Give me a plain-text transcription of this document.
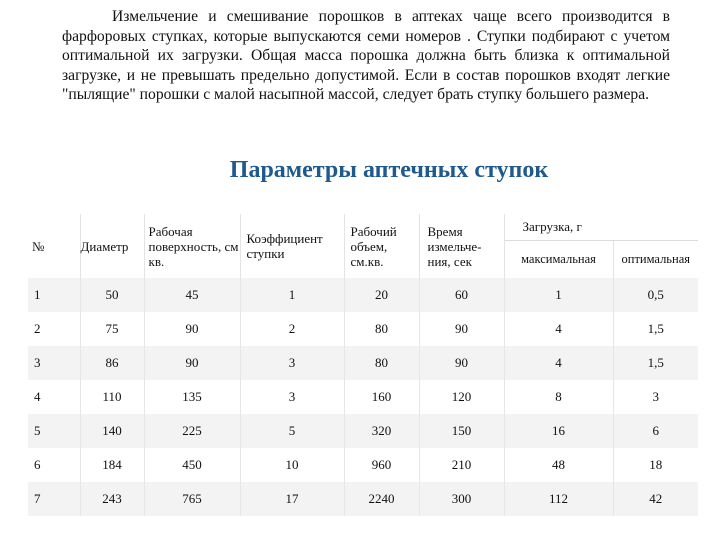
Измельчение и смешивание порошков в аптеках чаще всего производится в фарфоровых ступках, которые выпускаются семи номеров . Ступки подбирают с учетом оптимальной их загрузки. Общая масса порошка должна быть близка к оптимальной загрузке, и не превышать предельно допустимой. Если в состав порошков входят легкие "пылящие" порошки с малой насыпной массой, следует брать ступку большего размера.

Параметры аптечных ступок
№	Диаметр	Рабочая поверхность, см кв.	Коэффициент ступки	Рабочий объем, см.кв.	Время измельче-ния, сек	Загрузка, г	
						максимальная	оптимальная
1	50	45	1	20	60	1	0,5
2	75	90	2	80	90	4	1,5
3	86	90	3	80	90	4	1,5
4	110	135	3	160	120	8	3
5	140	225	5	320	150	16	6
6	184	450	10	960	210	48	18
7	243	765	17	2240	300	112	42
